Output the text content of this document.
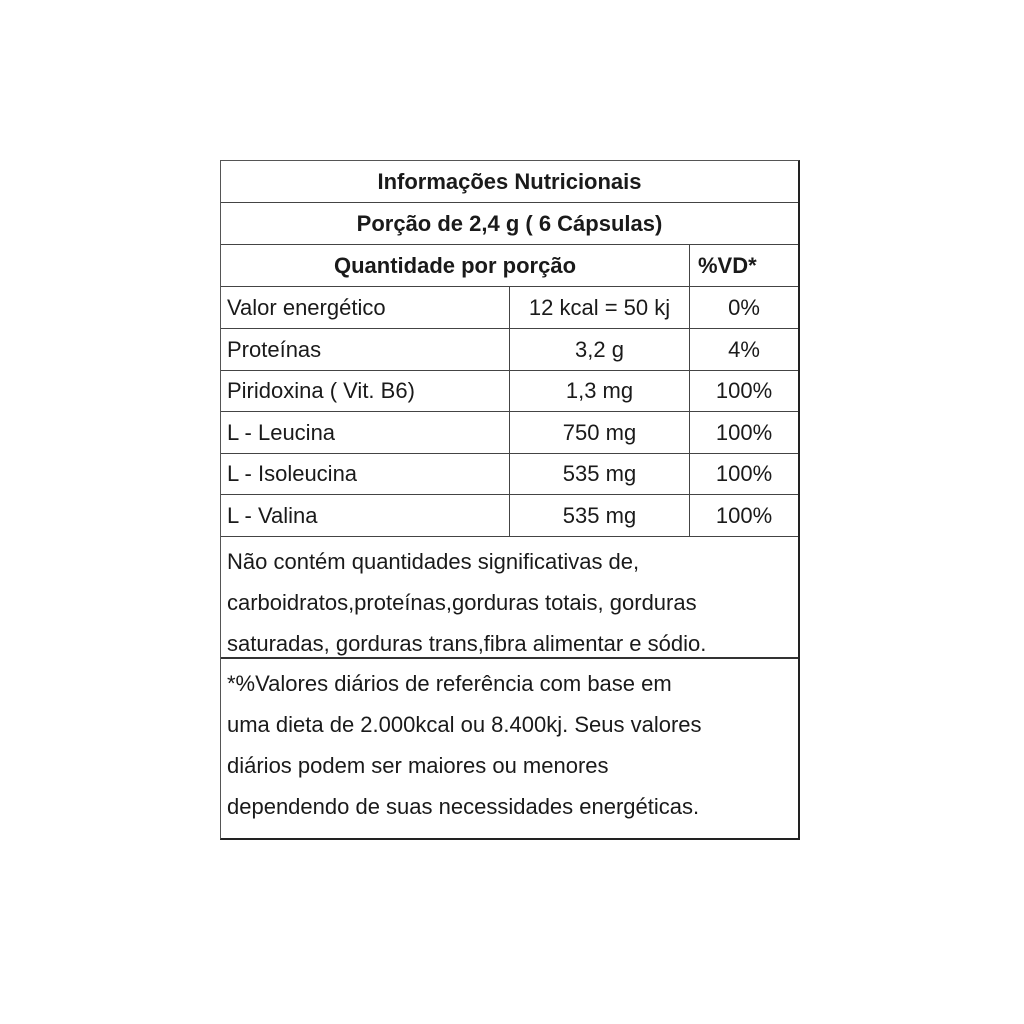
Informações Nutricionais
Porção de 2,4 g ( 6 Cápsulas)
Quantidade por porção	%VD*
Valor energético	12 kcal = 50 kj	0%
Proteínas	3,2 g	4%
Piridoxina ( Vit. B6)	1,3 mg	100%
L - Leucina	750 mg	100%
L - Isoleucina	535 mg	100%
L - Valina	535 mg	100%
Não contém quantidades significativas de,
carboidratos,proteínas,gorduras totais, gorduras
saturadas, gorduras trans,fibra alimentar e sódio.
*%Valores diários de referência com base em
uma dieta de 2.000kcal ou 8.400kj. Seus valores
diários podem ser maiores ou menores
dependendo de suas necessidades energéticas.
